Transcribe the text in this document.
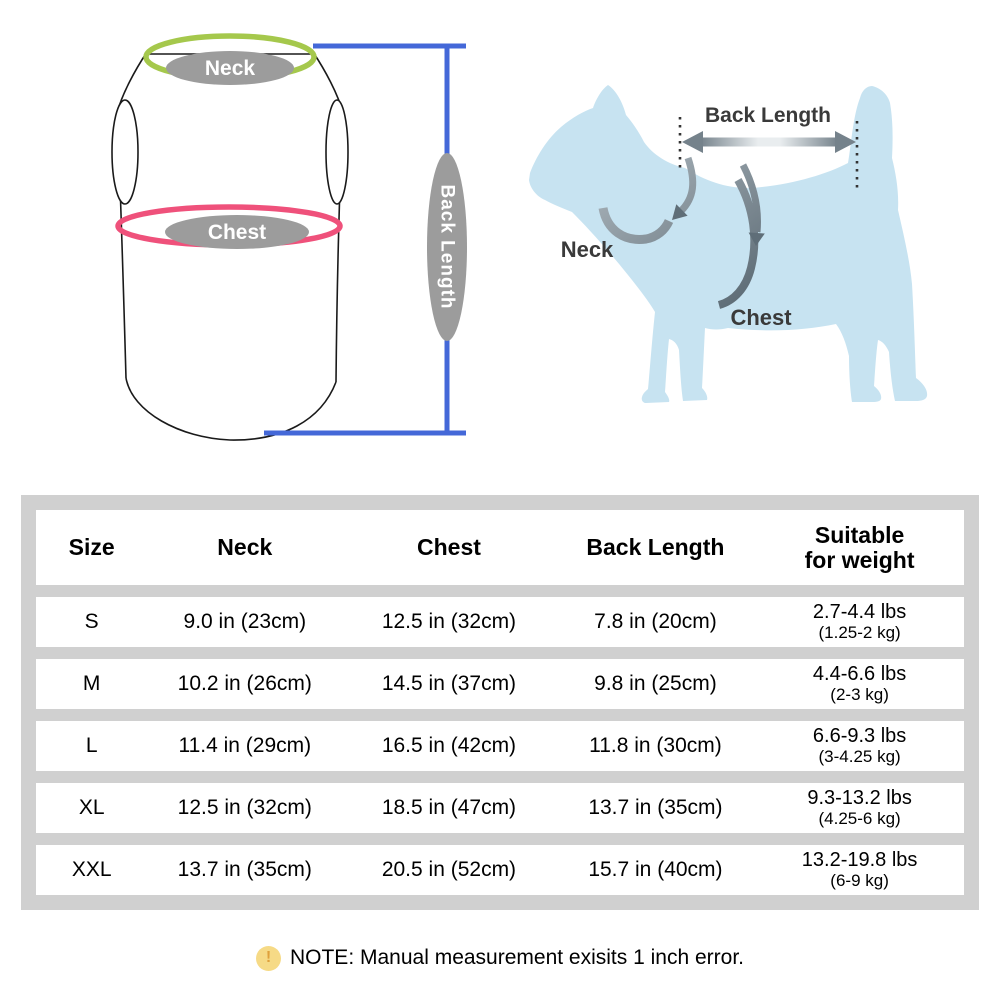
Neck
Chest	Back Length
Back Length
Neck
Chest
Size	Neck	Chest	Back Length	Suitable
for weight

S	9.0 in (23cm)	12.5 in (32cm)	7.8 in (20cm)	2.7-4.4 lbs
(1.25-2 kg)

M	10.2 in (26cm)	14.5 in (37cm)	9.8 in (25cm)	4.4-6.6 lbs
(2-3 kg)

L	11.4 in (29cm)	16.5 in (42cm)	11.8 in (30cm)	6.6-9.3 lbs
(3-4.25 kg)

XL	12.5 in (32cm)	18.5 in (47cm)	13.7 in (35cm)	9.3-13.2 lbs
(4.25-6 kg)

XXL	13.7 in (35cm)	20.5 in (52cm)	15.7 in (40cm)	13.2-19.8 lbs
(6-9 kg)
! NOTE: Manual measurement exisits 1 inch error.
